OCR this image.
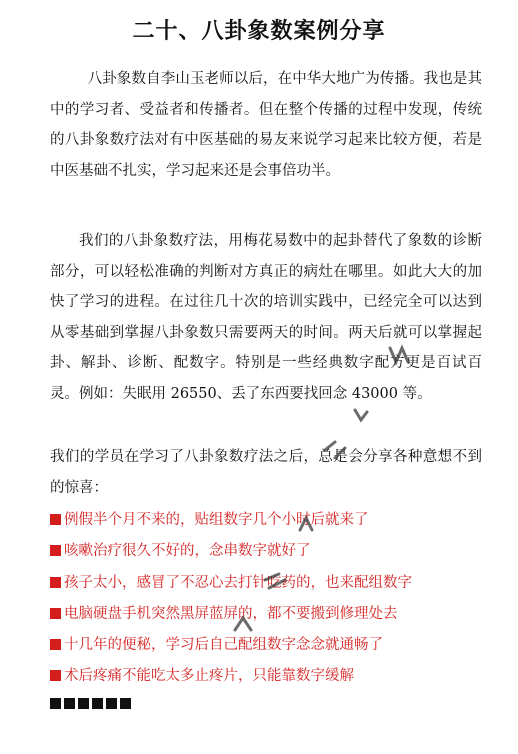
二十、八卦象数案例分享
八卦象数自李山玉老师以后，在中华大地广为传播。我也是其中的学习者、受益者和传播者。但在整个传播的过程中发现，传统的八卦象数疗法对有中医基础的易友来说学习起来比较方便，若是中医基础不扎实，学习起来还是会事倍功半。
我们的八卦象数疗法，用梅花易数中的起卦替代了象数的诊断部分，可以轻松准确的判断对方真正的病灶在哪里。如此大大的加快了学习的进程。在过往几十次的培训实践中，已经完全可以达到从零基础到掌握八卦象数只需要两天的时间。两天后就可以掌握起卦、解卦、诊断、配数字。特别是一些经典数字配方更是百试百灵。例如：失眠用 26550、丢了东西要找回念 43000 等。
我们的学员在学习了八卦象数疗法之后，总是会分享各种意想不到的惊喜：
例假半个月不来的，贴组数字几个小时后就来了
咳嗽治疗很久不好的，念串数字就好了
孩子太小，感冒了不忍心去打针吃药的，也来配组数字
电脑硬盘手机突然黑屏蓝屏的，都不要搬到修理处去
十几年的便秘，学习后自己配组数字念念就通畅了
术后疼痛不能吃太多止疼片，只能靠数字缓解
